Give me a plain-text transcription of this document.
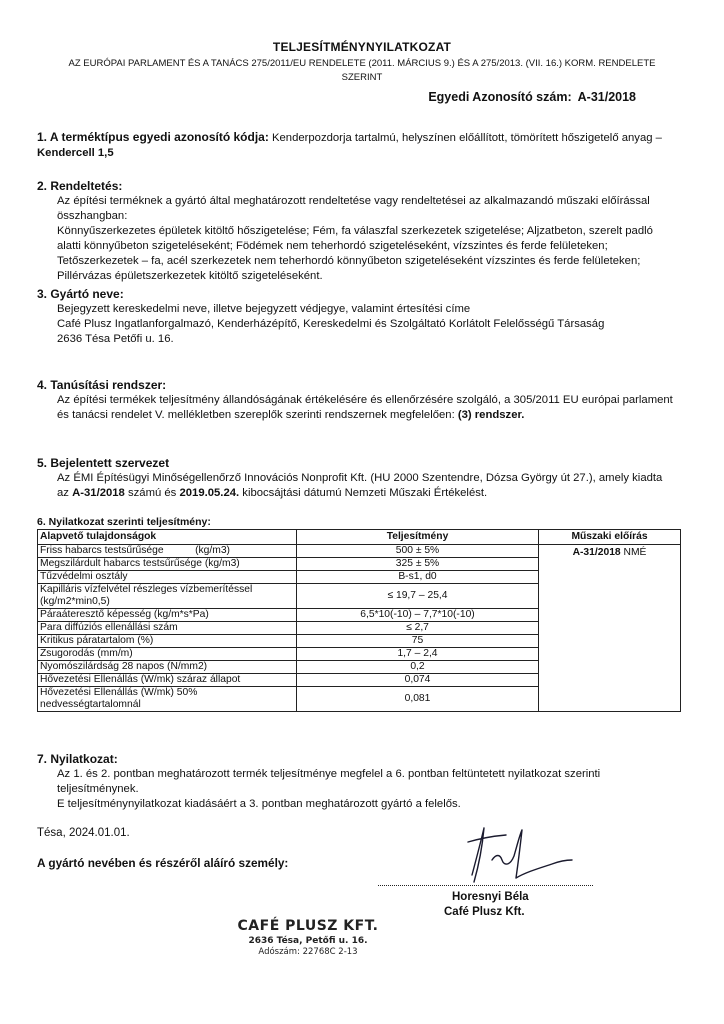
TELJESÍTMÉNYNYILATKOZAT
AZ EURÓPAI PARLAMENT ÉS A TANÁCS 275/2011/EU RENDELETE (2011. MÁRCIUS 9.) ÉS A 275/2013. (VII. 16.) KORM. RENDELETE SZERINT
Egyedi Azonosító szám: A-31/2018
1. A terméktípus egyedi azonosító kódja: Kenderpozdorja tartalmú, helyszínen előállított, tömörített hőszigetelő anyag – Kendercell 1,5
2. Rendeltetés:

Az építési terméknek a gyártó által meghatározott rendeltetése vagy rendeltetései az alkalmazandó műszaki előírással összhangban:

Könnyűszerkezetes épületek kitöltő hőszigetelése; Fém, fa válaszfal szerkezetek szigetelése; Aljzatbeton, szerelt padló alatti könnyűbeton szigeteléseként; Födémek nem teherhordó szigeteléseként, vízszintes és ferde felületeken; Tetőszerkezetek – fa, acél szerkezetek nem teherhordó könnyűbeton szigeteléseként vízszintes és ferde felületeken; Pillérvázas épületszerkezetek kitöltő szigeteléseként.

3. Gyártó neve:

Bejegyzett kereskedelmi neve, illetve bejegyzett védjegye, valamint értesítési címe

Café Plusz Ingatlanforgalmazó, Kenderházépítő, Kereskedelmi és Szolgáltató Korlátolt Felelősségű Társaság

2636 Tésa Petőfi u. 16.

4. Tanúsítási rendszer:

Az építési termékek teljesítmény állandóságának értékelésére és ellenőrzésére szolgáló, a 305/2011 EU európai parlament és tanácsi rendelet V. mellékletben szereplők szerinti rendszernek megfelelően: (3) rendszer.

5. Bejelentett szervezet

Az ÉMI Építésügyi Minőségellenőrző Innovációs Nonprofit Kft. (HU 2000 Szentendre, Dózsa György út 27.), amely kiadta az A-31/2018 számú és 2019.05.24. kibocsájtási dátumú Nemzeti Műszaki Értékelést.

6. Nyilatkozat szerinti teljesítmény:
Alapvető tulajdonságok	Teljesítmény	Műszaki előírás
Friss habarcs testsűrűsége           (kg/m3)	500 ± 5%	A-31/2018 NMÉ
Megszilárdult habarcs testsűrűsége (kg/m3)	325 ± 5%	
Tűzvédelmi osztály	B-s1, d0	
Kapilláris vízfelvétel részleges vízbemerítéssel (kg/m2*min0,5)	≤ 19,7 – 25,4	
Páraáteresztő képesség (kg/m*s*Pa)	6,5*10(-10) – 7,7*10(-10)	
Para diffúziós ellenállási szám	≤ 2,7	
Kritikus páratartalom (%)	75	
Zsugorodás (mm/m)	1,7 – 2,4	
Nyomószilárdság 28 napos (N/mm2)	0,2	
Hővezetési Ellenállás (W/mk) száraz állapot	0,074	
Hővezetési Ellenállás (W/mk) 50% nedvességtartalomnál	0,081	
7. Nyilatkozat:

Az 1. és 2. pontban meghatározott termék teljesítménye megfelel a 6. pontban feltüntetett nyilatkozat szerinti teljesítménynek.

E teljesítménynyilatkozat kiadásáért a 3. pontban meghatározott gyártó a felelős.

Tésa, 2024.01.01.
A gyártó nevében és részéről aláíró személy:
Horesnyi Béla
Café Plusz Kft.
CAFÉ PLUSZ KFT.
2636 Tésa, Petőfi u. 16.
Adószám: 22768C 2-13
